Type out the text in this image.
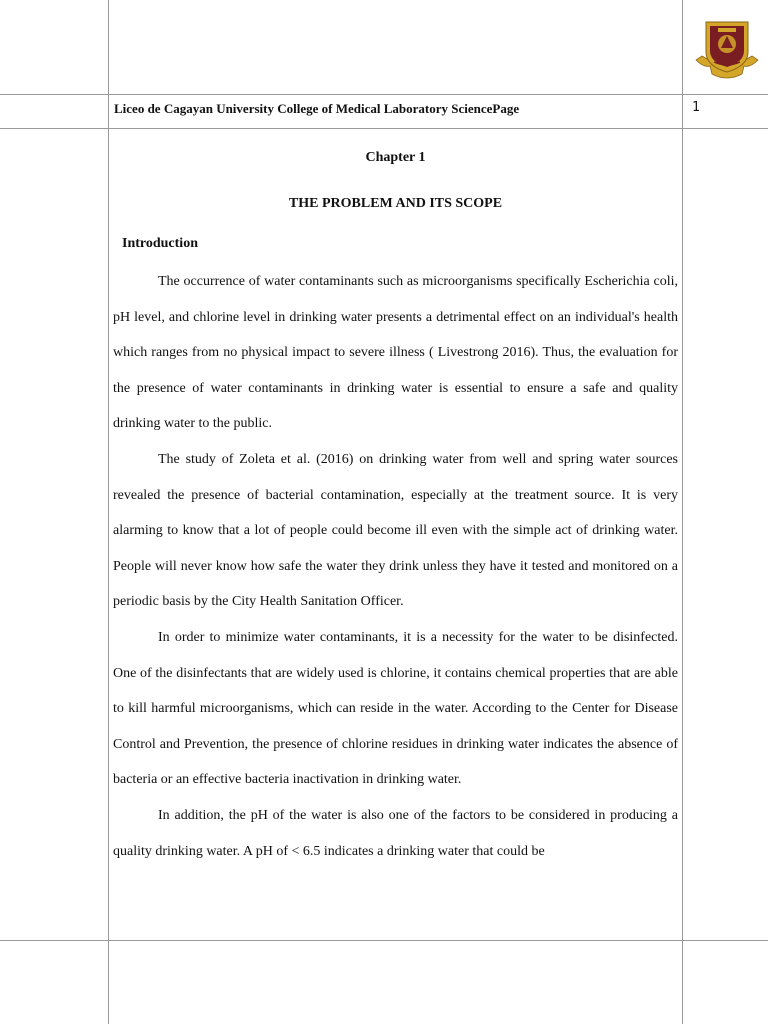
Liceo de Cagayan University College of Medical Laboratory SciencePage	1

Chapter 1

THE PROBLEM AND ITS SCOPE

Introduction

The occurrence of water contaminants such as microorganisms specifically Escherichia coli, pH level, and chlorine level in drinking water presents a detrimental effect on an individual's health which ranges from no physical impact to severe illness ( Livestrong 2016). Thus, the evaluation for the presence of water contaminants in drinking water is essential to ensure a safe and quality drinking water to the public.

The study of Zoleta et al. (2016) on drinking water from well and spring water sources revealed the presence of bacterial contamination, especially at the treatment source. It is very alarming to know that a lot of people could become ill even with the simple act of drinking water. People will never know how safe the water they drink unless they have it tested and monitored on a periodic basis by the City Health Sanitation Officer.

In order to minimize water contaminants, it is a necessity for the water to be disinfected. One of the disinfectants that are widely used is chlorine, it contains chemical properties that are able to kill harmful microorganisms, which can reside in the water. According to the Center for Disease Control and Prevention, the presence of chlorine residues in drinking water indicates the absence of bacteria or an effective bacteria inactivation in drinking water.

In addition, the pH of the water is also one of the factors to be considered in producing a quality drinking water. A pH of < 6.5 indicates a drinking water that could be
